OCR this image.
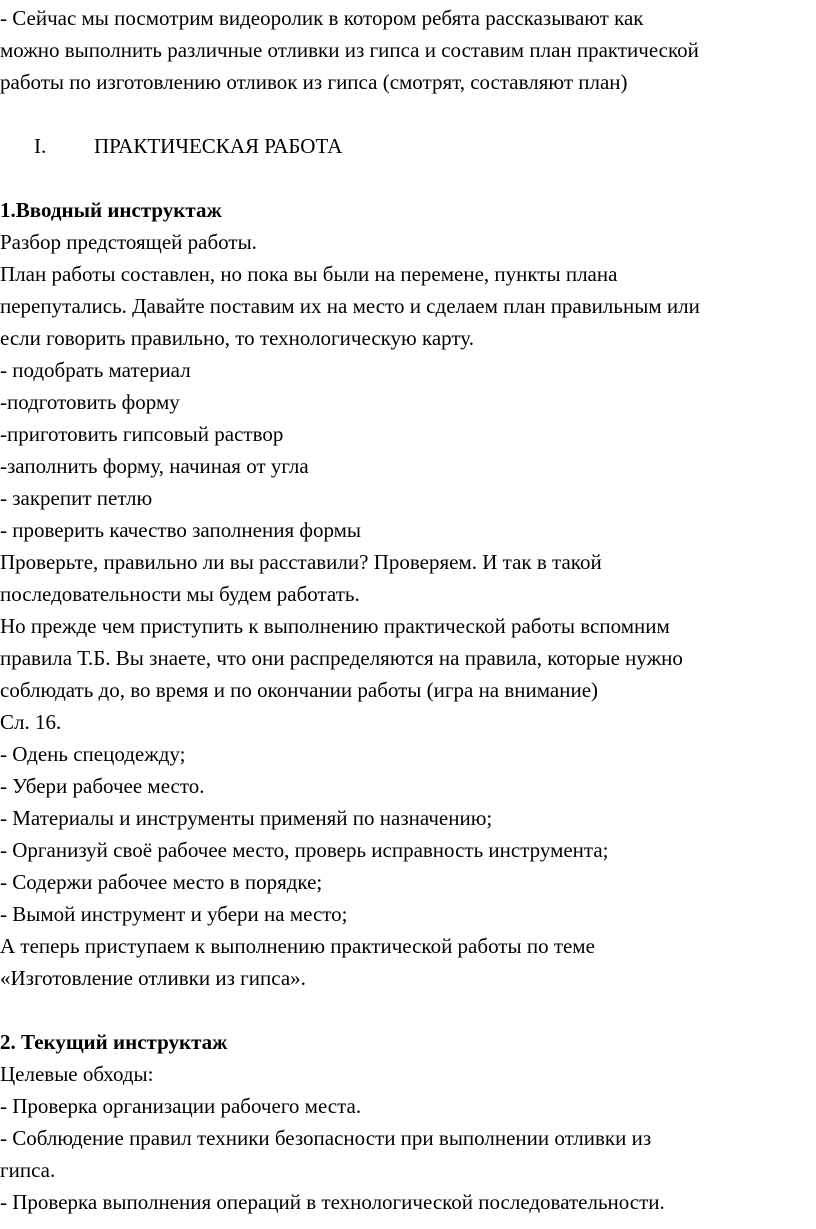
- Сейчас мы посмотрим видеоролик в котором ребята рассказывают как
можно выполнить различные отливки из гипса и составим план практической
работы по изготовлению отливок из гипса (смотрят, составляют план)
I. ПРАКТИЧЕСКАЯ РАБОТА
1.Вводный инструктаж
Разбор предстоящей работы.
План работы составлен, но пока вы были на перемене, пункты плана
перепутались. Давайте поставим их на место и сделаем план правильным или
если говорить правильно, то технологическую карту.
- подобрать материал
-подготовить форму
-приготовить гипсовый раствор
-заполнить форму, начиная от угла
- закрепит петлю
- проверить качество заполнения формы
Проверьте, правильно ли вы расставили? Проверяем. И так в такой
последовательности мы будем работать.
Но прежде чем приступить к выполнению практической работы вспомним
правила Т.Б. Вы знаете, что они распределяются на правила, которые нужно
соблюдать до, во время и по окончании работы (игра на внимание)
Сл. 16.
- Одень спецодежду;
- Убери рабочее место.
- Материалы и инструменты применяй по назначению;
- Организуй своё рабочее место, проверь исправность инструмента;
- Содержи рабочее место в порядке;
- Вымой инструмент и убери на место;
А теперь приступаем к выполнению практической работы по теме
«Изготовление отливки из гипса».
2. Текущий инструктаж
Целевые обходы:
- Проверка организации рабочего места.
- Соблюдение правил техники безопасности при выполнении отливки из
гипса.
- Проверка выполнения операций в технологической последовательности.
